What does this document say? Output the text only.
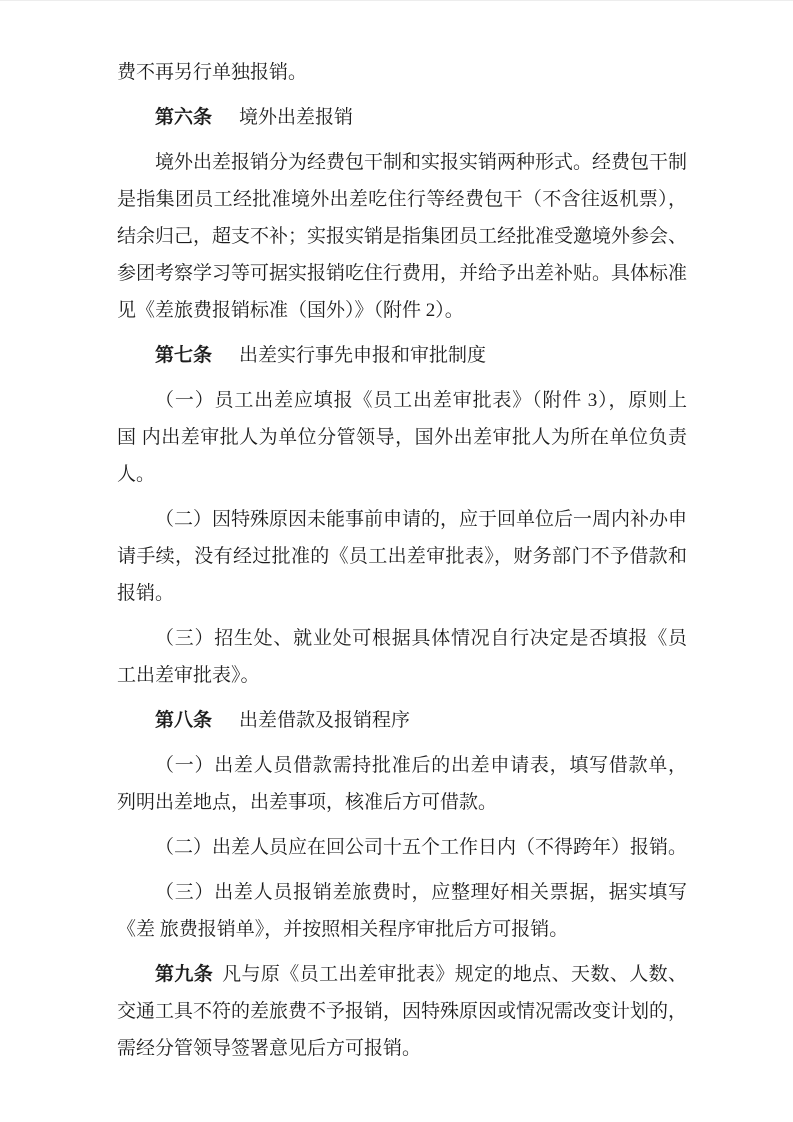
费不再另行单独报销。
第六条 境外出差报销
境外出差报销分为经费包干制和实报实销两种形式。经费包干制
是指集团员工经批准境外出差吃住行等经费包干（不含往返机票），
结余归己，超支不补；实报实销是指集团员工经批准受邀境外参会、
参团考察学习等可据实报销吃住行费用，并给予出差补贴。具体标准
见《差旅费报销标准（国外）》（附件 2）。
第七条 出差实行事先申报和审批制度
（一）员工出差应填报《员工出差审批表》（附件 3），原则上
国 内出差审批人为单位分管领导，国外出差审批人为所在单位负责
人。
（二）因特殊原因未能事前申请的，应于回单位后一周内补办申
请手续，没有经过批准的《员工出差审批表》，财务部门不予借款和
报销。
（三）招生处、就业处可根据具体情况自行决定是否填报《员
工出差审批表》。
第八条 出差借款及报销程序
（一）出差人员借款需持批准后的出差申请表，填写借款单，
列明出差地点，出差事项，核准后方可借款。
（二）出差人员应在回公司十五个工作日内（不得跨年）报销。
（三）出差人员报销差旅费时，应整理好相关票据，据实填写
《差 旅费报销单》，并按照相关程序审批后方可报销。
第九条 凡与原《员工出差审批表》规定的地点、天数、人数、
交通工具不符的差旅费不予报销，因特殊原因或情况需改变计划的，
需经分管领导签署意见后方可报销。
